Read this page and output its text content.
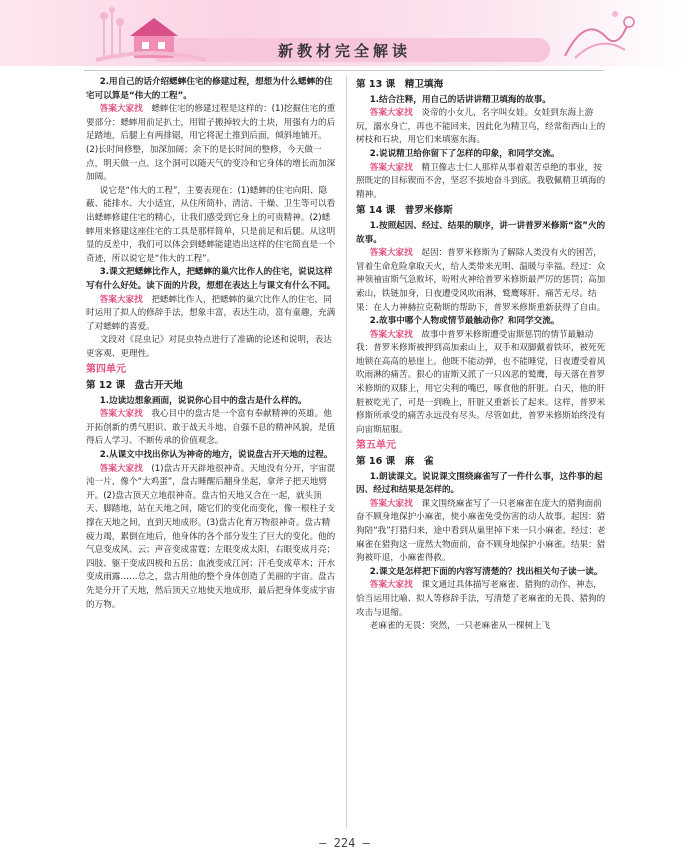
新教材完全解读
2.用自己的话介绍蟋蟀住宅的修建过程，想想为什么蟋蟀的住宅可以算是“伟大的工程”。
答案大家找　 蟋蟀住宅的修建过程是这样的：(1)挖掘住宅的重要部分：蟋蟀用前足扒土，用钳子搬掉较大的土块，用强有力的后足踏地，后腿上有两排锯，用它将泥土推到后面，倾斜地铺开。(2)长时间修整，加深加阔；余下的是长时间的整修，今天做一点，明天做一点。这个洞可以随天气的变冷和它身体的增长而加深加阔。
说它是“伟大的工程”，主要表现在：(1)蟋蟀的住宅向阳、隐蔽、能排水、大小适宜，从住所简朴、清洁、干燥、卫生等可以看出蟋蟀修建住宅的精心，让我们感受到它身上的可贵精神。(2)蟋蟀用来修建这座住宅的工具是那样简单，只是前足和后腿。从这明显的反差中，我们可以体会到蟋蟀能建造出这样的住宅简直是一个奇迹，所以说它是“伟大的工程”。
3.课文把蟋蟀比作人，把蟋蟀的巢穴比作人的住宅，说说这样写有什么好处。读下面的片段，想想在表达上与课文有什么不同。
答案大家找　 把蟋蟀比作人，把蟋蟀的巢穴比作人的住宅，同时运用了拟人的修辞手法，想象丰富，表达生动，富有童趣，充满了对蟋蟀的喜爱。
文段对《昆虫记》对昆虫特点进行了准确的论述和说明，表达更客观、更理性。
第四单元
第 12 课　盘古开天地
1.边读边想象画面，说说你心目中的盘古是什么样的。
答案大家找　 我心目中的盘古是一个富有奉献精神的英雄。他开拓创新的勇气胆识、敢于战天斗地、自强不息的精神风貌，是值得后人学习、不断传承的价值观念。
2.从课文中找出你认为神奇的地方，说说盘古开天地的过程。
答案大家找　 (1)盘古开天辟地很神奇。天地没有分开，宇宙混沌一片，像个“大鸡蛋”，盘古睡醒后翻身坐起，拿斧子把天地劈开。(2)盘古顶天立地很神奇。盘古怕天地又合在一起，就头顶天、脚踏地，站在天地之间，随它们的变化而变化，像一根柱子支撑在天地之间，直到天地成形。(3)盘古化育万物很神奇。盘古精疲力竭，累倒在地后，他身体的各个部分发生了巨大的变化。他的气息变成风、云；声音变成雷霆；左眼变成太阳，右眼变成月亮；四肢、躯干变成四极和五岳；血液变成江河；汗毛变成草木；汗水变成雨露……总之，盘古用他的整个身体创造了美丽的宇宙。盘古先是分开了天地，然后顶天立地使天地成形，最后把身体变成宇宙的万物。
第 13 课　精卫填海
1.结合注释，用自己的话讲讲精卫填海的故事。
答案大家找　 炎帝的小女儿，名字叫女娃。女娃到东海上游玩，溺水身亡，再也不能回来，因此化为精卫鸟，经常衔西山上的树枝和石块，用它们来填塞东海。
2.说说精卫给你留下了怎样的印象，和同学交流。
答案大家找　 精卫像志士仁人那样从事着艰苦卓绝的事业，按照既定的目标锲而不舍，坚忍不拔地奋斗到底。我敬佩精卫填海的精神。
第 14 课　普罗米修斯
1.按照起因、经过、结果的顺序，讲一讲普罗米修斯“盗”火的故事。
答案大家找　 起因：普罗米修斯为了解除人类没有火的困苦，冒着生命危险拿取天火，给人类带来光明、温暖与幸福。经过：众神领袖宙斯气急败坏，吩咐火神给普罗米修斯最严厉的惩罚；高加索山，铁链加身，日夜遭受风吹雨淋，鹫鹰啄肝、痛苦无尽。结果：在人力神赫拉克勒斯的帮助下，普罗米修斯重新获得了自由。
2.故事中哪个人物或情节最触动你？和同学交流。
答案大家找　 故事中普罗米修斯遭受宙斯惩罚的情节最触动我：普罗米修斯被押到高加索山上，双手和双脚戴着铁环，被死死地锁在高高的悬崖上。他既不能动弹，也不能睡觉，日夜遭受着风吹雨淋的痛苦。狠心的宙斯又派了一只凶恶的鹫鹰，每天落在普罗米修斯的双膝上，用它尖利的嘴巴，啄食他的肝脏。白天，他的肝脏被吃光了，可是一到晚上，肝脏又重新长了起来。这样，普罗米修斯所承受的痛苦永远没有尽头。尽管如此，普罗米修斯始终没有向宙斯屈服。
第五单元
第 16 课　麻　雀
1.朗读课文。说说课文围绕麻雀写了一件什么事，这件事的起因、经过和结果是怎样的。
答案大家找　 课文围绕麻雀写了一只老麻雀在庞大的猎狗面前奋不顾身地保护小麻雀，使小麻雀免受伤害的动人故事。起因：猎狗陪“我”打猎归来，途中看到从巢里掉下来一只小麻雀。经过：老麻雀在猎狗这一庞然大物面前，奋不顾身地保护小麻雀。结果：猎狗被吓退，小麻雀得救。
2.课文是怎样把下面的内容写清楚的？找出相关句子读一读。
答案大家找　 课文通过具体描写老麻雀、猎狗的动作、神态，恰当运用比喻、拟人等修辞手法，写清楚了老麻雀的无畏、猎狗的攻击与退缩。
老麻雀的无畏：突然，一只老麻雀从一棵树上飞
— 224 —
